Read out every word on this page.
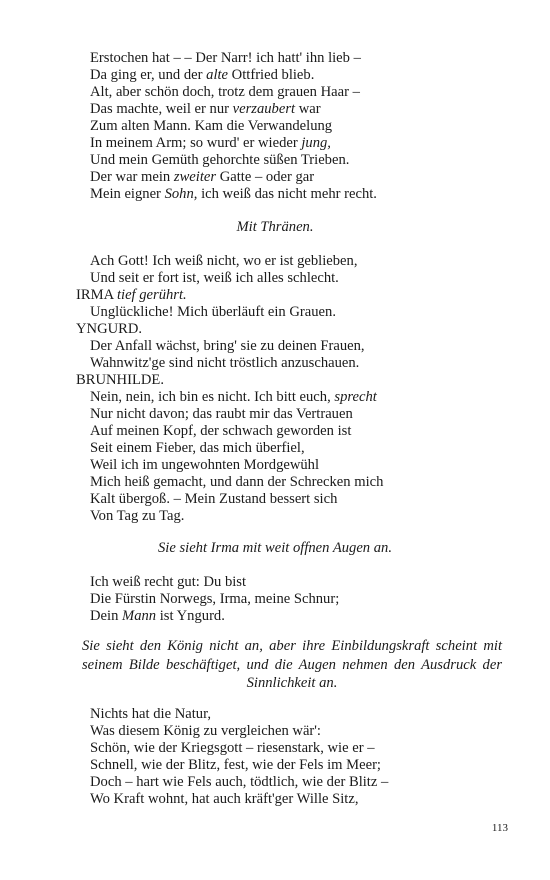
Erstochen hat – – Der Narr! ich hatt' ihn lieb –
Da ging er, und der alte Ottfried blieb.
Alt, aber schön doch, trotz dem grauen Haar –
Das machte, weil er nur verzaubert war
Zum alten Mann. Kam die Verwandelung
In meinem Arm; so wurd' er wieder jung,
Und mein Gemüth gehorchte süßen Trieben.
Der war mein zweiter Gatte – oder gar
Mein eigner Sohn, ich weiß das nicht mehr recht.
Mit Thränen.
Ach Gott! Ich weiß nicht, wo er ist geblieben,
Und seit er fort ist, weiß ich alles schlecht.
IRMA tief gerührt.
Unglückliche! Mich überläuft ein Grauen.
YNGURD.
Der Anfall wächst, bring' sie zu deinen Frauen,
Wahnwitz'ge sind nicht tröstlich anzuschauen.
BRUNHILDE.
Nein, nein, ich bin es nicht. Ich bitt euch, sprecht
Nur nicht davon; das raubt mir das Vertrauen
Auf meinen Kopf, der schwach geworden ist
Seit einem Fieber, das mich überfiel,
Weil ich im ungewohnten Mordgewühl
Mich heiß gemacht, und dann der Schrecken mich
Kalt übergoß. – Mein Zustand bessert sich
Von Tag zu Tag.
Sie sieht Irma mit weit offnen Augen an.
Ich weiß recht gut: Du bist
Die Fürstin Norwegs, Irma, meine Schnur;
Dein Mann ist Yngurd.
Sie sieht den König nicht an, aber ihre Einbildungskraft scheint mit
seinem Bilde beschäftiget, und die Augen nehmen den Ausdruck der
Sinnlichkeit an.
Nichts hat die Natur,
Was diesem König zu vergleichen wär':
Schön, wie der Kriegsgott – riesenstark, wie er –
Schnell, wie der Blitz, fest, wie der Fels im Meer;
Doch – hart wie Fels auch, tödtlich, wie der Blitz –
Wo Kraft wohnt, hat auch kräft'ger Wille Sitz,
113
